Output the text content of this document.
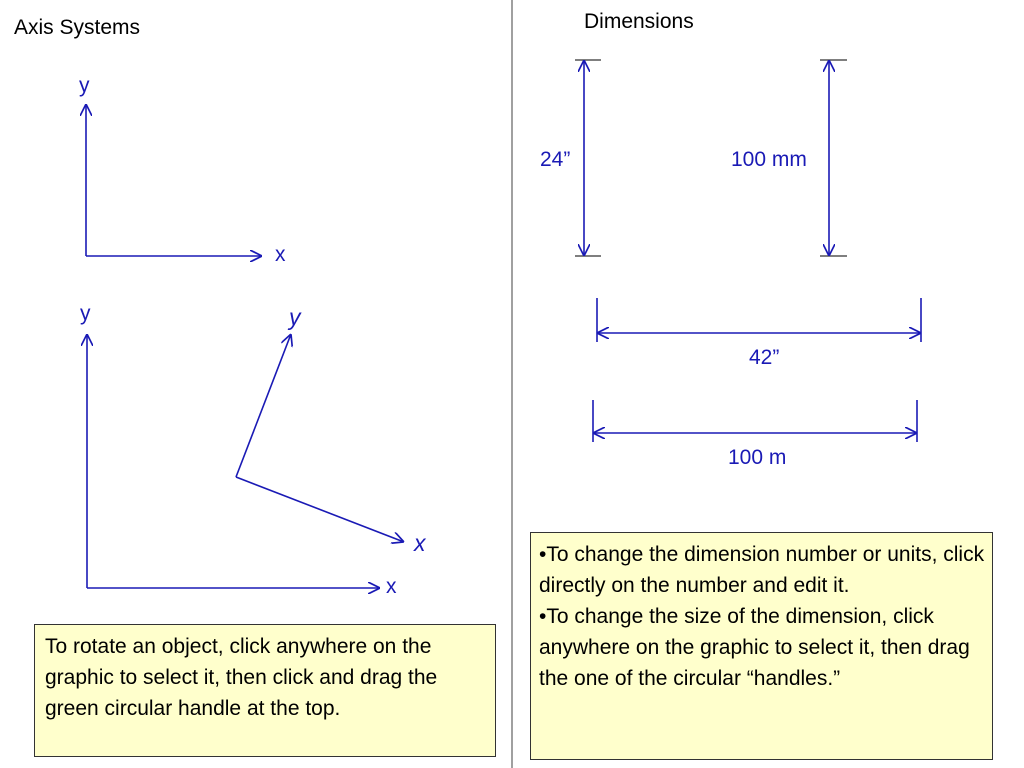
Axis Systems	Dimensions
y
x
y
x
y
x
24”	100 mm
42”
100 m

To rotate an object, click anywhere on the graphic to select it, then click and drag the green circular handle at the top.

•To change the dimension number or units, click directly on the number and edit it.

•To change the size of the dimension, click anywhere on the graphic to select it, then drag the one of the circular “handles.”
